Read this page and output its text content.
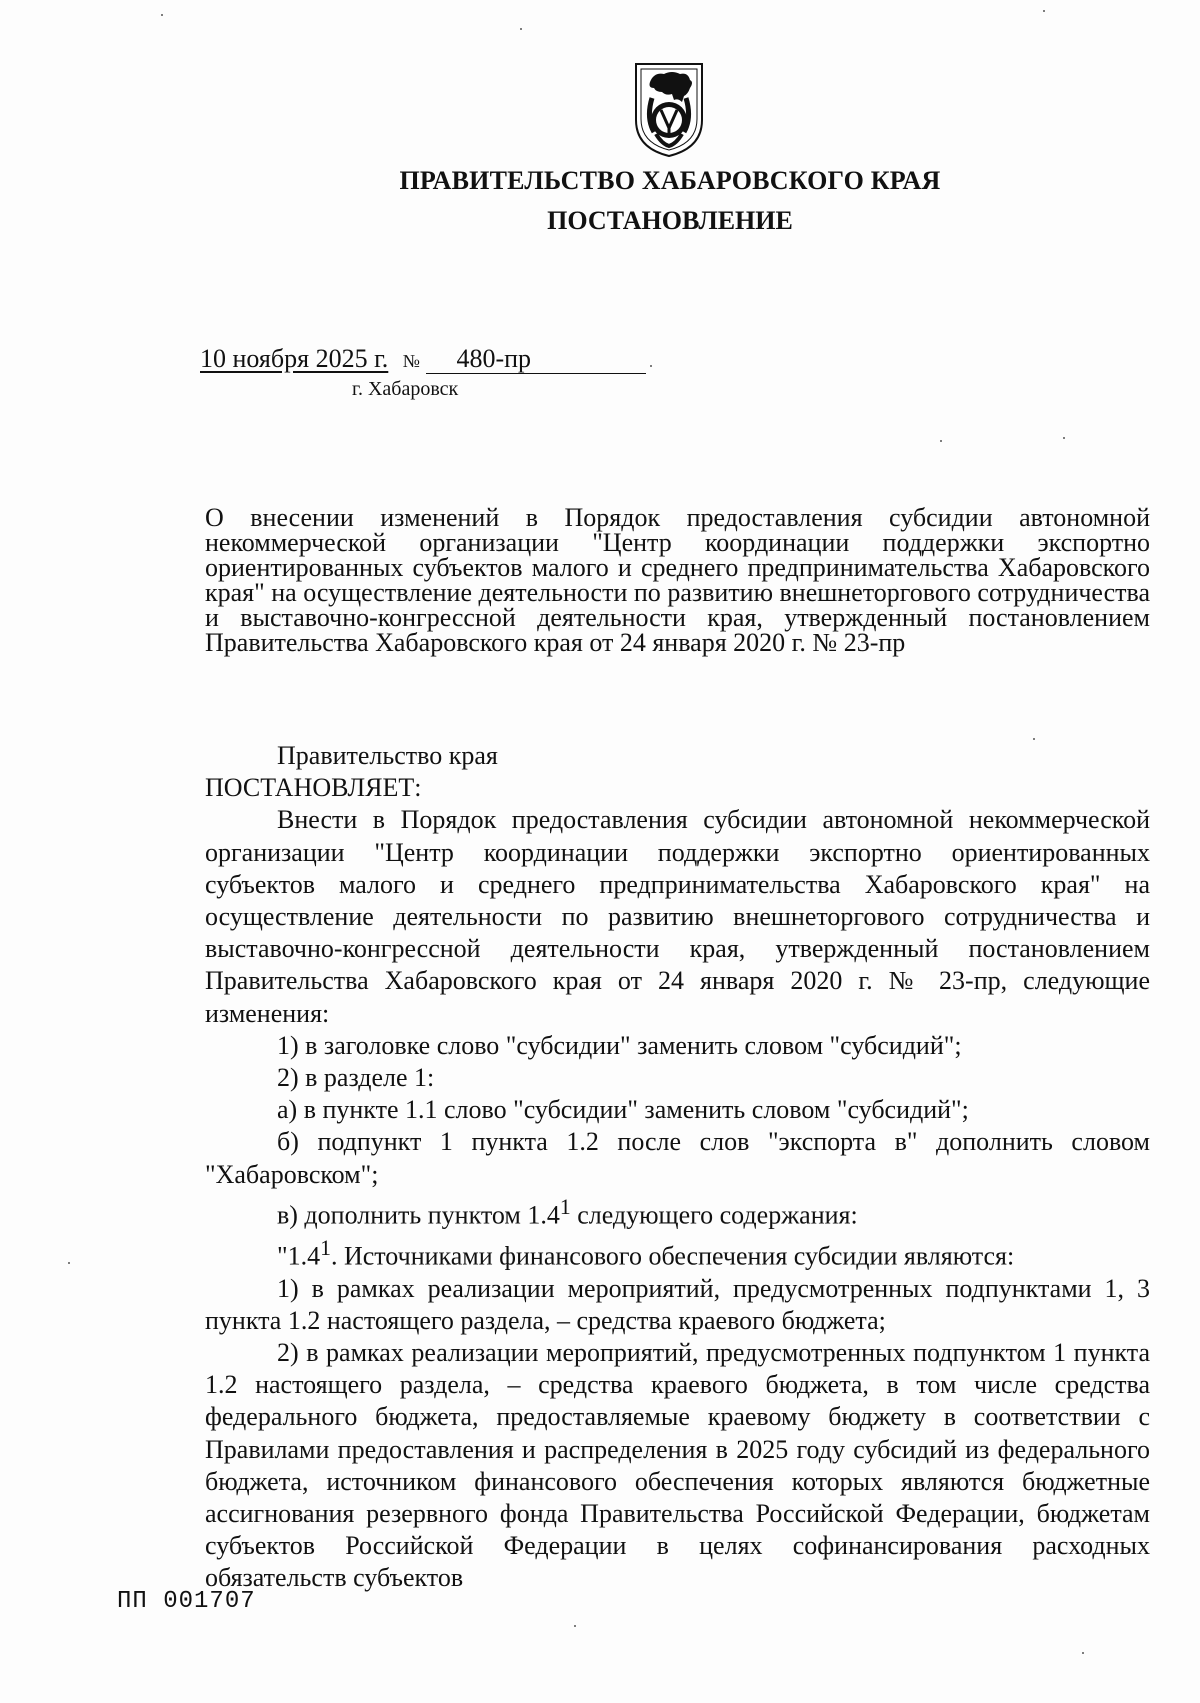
ПРАВИТЕЛЬСТВО ХАБАРОВСКОГО КРАЯ
ПОСТАНОВЛЕНИЕ
10 ноября 2025 г. № 480-пр
г. Хабаровск
О внесении изменений в Порядок предоставления субсидии автономной некоммерческой организации "Центр координации поддержки экспортно ориентированных субъектов малого и среднего предпринимательства Хабаровского края" на осуществление деятельности по развитию внешнеторгового сотрудничества и выставочно-конгрессной деятельности края, утвержденный постановлением Правительства Хабаровского края от 24 января 2020 г. № 23-пр

Правительство края

ПОСТАНОВЛЯЕТ:

Внести в Порядок предоставления субсидии автономной некоммерческой организации "Центр координации поддержки экспортно ориентированных субъектов малого и среднего предпринимательства Хабаровского края" на осуществление деятельности по развитию внешнеторгового сотрудничества и выставочно-конгрессной деятельности края, утвержденный постановлением Правительства Хабаровского края от 24 января 2020 г. № 23-пр, следующие изменения:

1) в заголовке слово "субсидии" заменить словом "субсидий";

2) в разделе 1:

а) в пункте 1.1 слово "субсидии" заменить словом "субсидий";

б) подпункт 1 пункта 1.2 после слов "экспорта в" дополнить словом "Хабаровском";

в) дополнить пунктом $1.4^1$ следующего содержания:

"$1.4^1$. Источниками финансового обеспечения субсидии являются:

1) в рамках реализации мероприятий, предусмотренных подпунктами 1, 3 пункта 1.2 настоящего раздела, – средства краевого бюджета;

2) в рамках реализации мероприятий, предусмотренных подпунктом 1 пункта 1.2 настоящего раздела, – средства краевого бюджета, в том числе средства федерального бюджета, предоставляемые краевому бюджету в соответствии с Правилами предоставления и распределения в 2025 году субсидий из федерального бюджета, источником финансового обеспечения которых являются бюджетные ассигнования резервного фонда Правительства Российской Федерации, бюджетам субъектов Российской Федерации в целях софинансирования расходных обязательств субъектов

ПП 001707
